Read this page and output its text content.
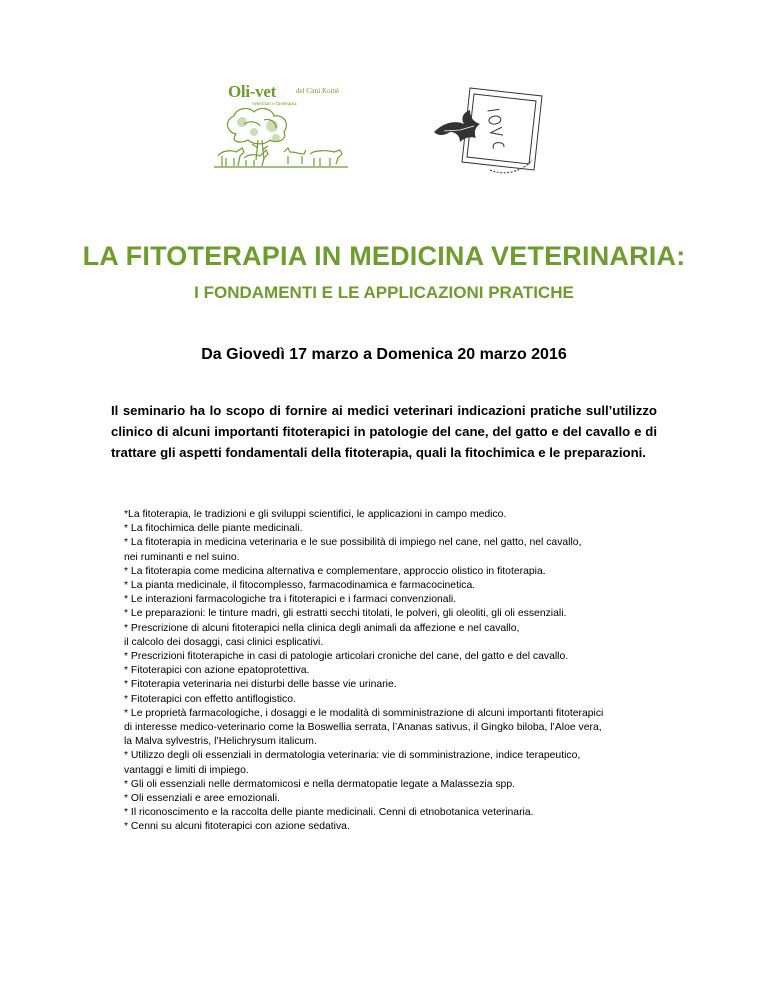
Oli-vet	del Cimi Koinè
veterinari e fitoterapia
LA FITOTERAPIA IN MEDICINA VETERINARIA:
I FONDAMENTI E LE APPLICAZIONI PRATICHE

Da Giovedì 17 marzo a Domenica 20 marzo 2016

Il seminario ha lo scopo di fornire ai medici veterinari indicazioni pratiche sull’utilizzo clinico di alcuni importanti fitoterapici in patologie del cane, del gatto e del cavallo e di trattare gli aspetti fondamentali della fitoterapia, quali la fitochimica e le preparazioni.

*La fitoterapia, le tradizioni e gli sviluppi scientifici, le applicazioni in campo medico.
* La fitochimica delle piante medicinali.
* La fitoterapia in medicina veterinaria e le sue possibilità di impiego nel cane, nel gatto, nel cavallo,
nei ruminanti e nel suino.
* La fitoterapia come medicina alternativa e complementare, approccio olistico in fitoterapia.
* La pianta medicinale, il fitocomplesso, farmacodinamica e farmacocinetica.
* Le interazioni farmacologiche tra i fitoterapici e i farmaci convenzionali.
* Le preparazioni: le tinture madri, gli estratti secchi titolati, le polveri, gli oleoliti, gli oli essenziali.
* Prescrizione di alcuni fitoterapici nella clinica degli animali da affezione e nel cavallo,
il calcolo dei dosaggi, casi clinici esplicativi.
* Prescrizioni fitoterapiche in casi di patologie articolari croniche del cane, del gatto e del cavallo.
* Fitoterapici con azione epatoprotettiva.
* Fitoterapia veterinaria nei disturbi delle basse vie urinarie.
* Fitoterapici con effetto antiflogistico.
* Le proprietà farmacologiche, i dosaggi e le modalità di somministrazione di alcuni importanti fitoterapici
di interesse medico-veterinario come la Boswellia serrata, l’Ananas sativus, il Gingko biloba, l’Aloe vera,
la Malva sylvestris, l’Helichrysum italicum.
* Utilizzo degli oli essenziali in dermatologia veterinaria: vie di somministrazione, indice terapeutico,
vantaggi e limiti di impiego.
* Gli oli essenziali nelle dermatomicosi e nella dermatopatie legate a Malassezia spp.
* Oli essenziali e aree emozionali.
* Il riconoscimento e la raccolta delle piante medicinali. Cenni di etnobotanica veterinaria.
* Cenni su alcuni fitoterapici con azione sedativa.
